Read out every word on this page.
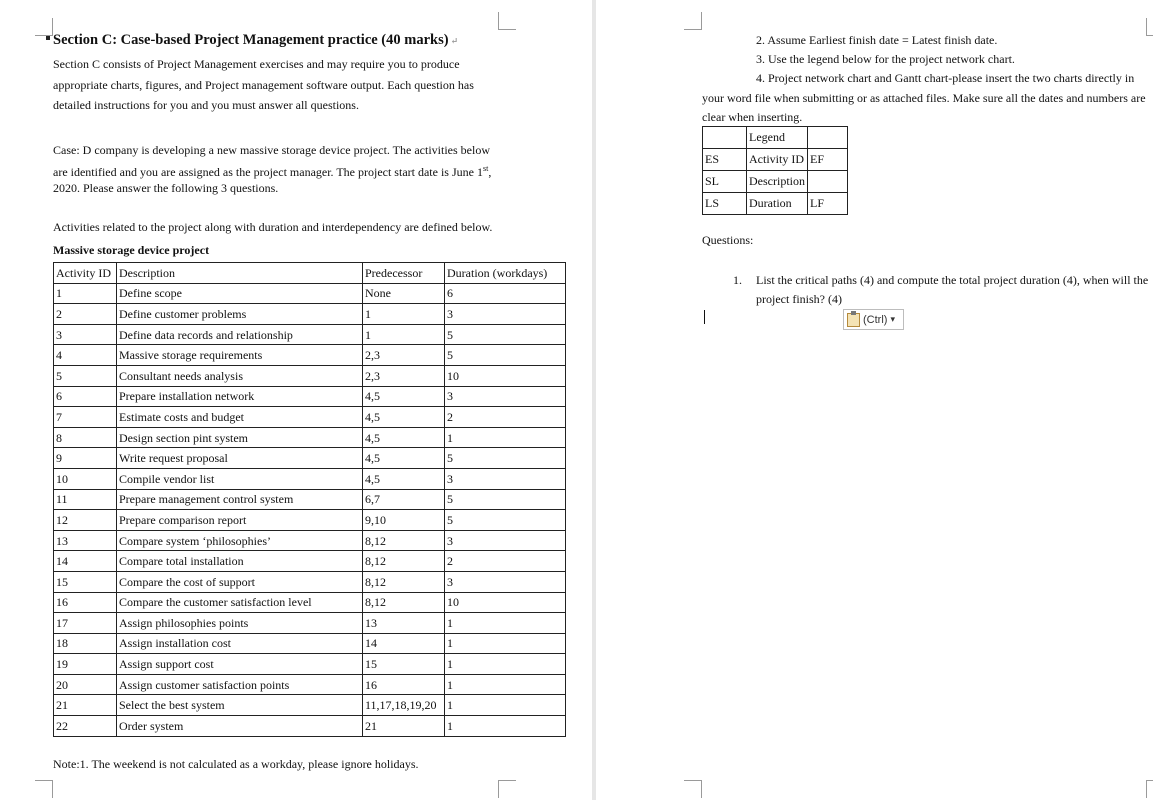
Section C: Case-based Project Management practice (40 marks) ↵
Section C consists of Project Management exercises and may require you to produce
appropriate charts, figures, and Project management software output. Each question has
detailed instructions for you and you must answer all questions.
Case: D company is developing a new massive storage device project. The activities below
are identified and you are assigned as the project manager. The project start date is June 1st,
2020. Please answer the following 3 questions.
Activities related to the project along with duration and interdependency are defined below.
Massive storage device project
Activity ID	Description	Predecessor	Duration (workdays)
1	Define scope	None	6
2	Define customer problems	1	3
3	Define data records and relationship	1	5
4	Massive storage requirements	2,3	5
5	Consultant needs analysis	2,3	10
6	Prepare installation network	4,5	3
7	Estimate costs and budget	4,5	2
8	Design section pint system	4,5	1
9	Write request proposal	4,5	5
10	Compile vendor list	4,5	3
11	Prepare management control system	6,7	5
12	Prepare comparison report	9,10	5
13	Compare system ‘philosophies’	8,12	3
14	Compare total installation	8,12	2
15	Compare the cost of support	8,12	3
16	Compare the customer satisfaction level	8,12	10
17	Assign philosophies points	13	1
18	Assign installation cost	14	1
19	Assign support cost	15	1
20	Assign customer satisfaction points	16	1
21	Select the best system	11,17,18,19,20	1
22	Order system	21	1
Note:1. The weekend is not calculated as a workday, please ignore holidays.
2. Assume Earliest finish date = Latest finish date.
3. Use the legend below for the project network chart.
4. Project network chart and Gantt chart-please insert the two charts directly in
your word file when submitting or as attached files. Make sure all the dates and numbers are
clear when inserting.
	Legend	
ES	Activity ID	EF
SL	Description	
LS	Duration	LF
Questions:
1. List the critical paths (4) and compute the total project duration (4), when will the
project finish? (4)
(Ctrl) ▾
